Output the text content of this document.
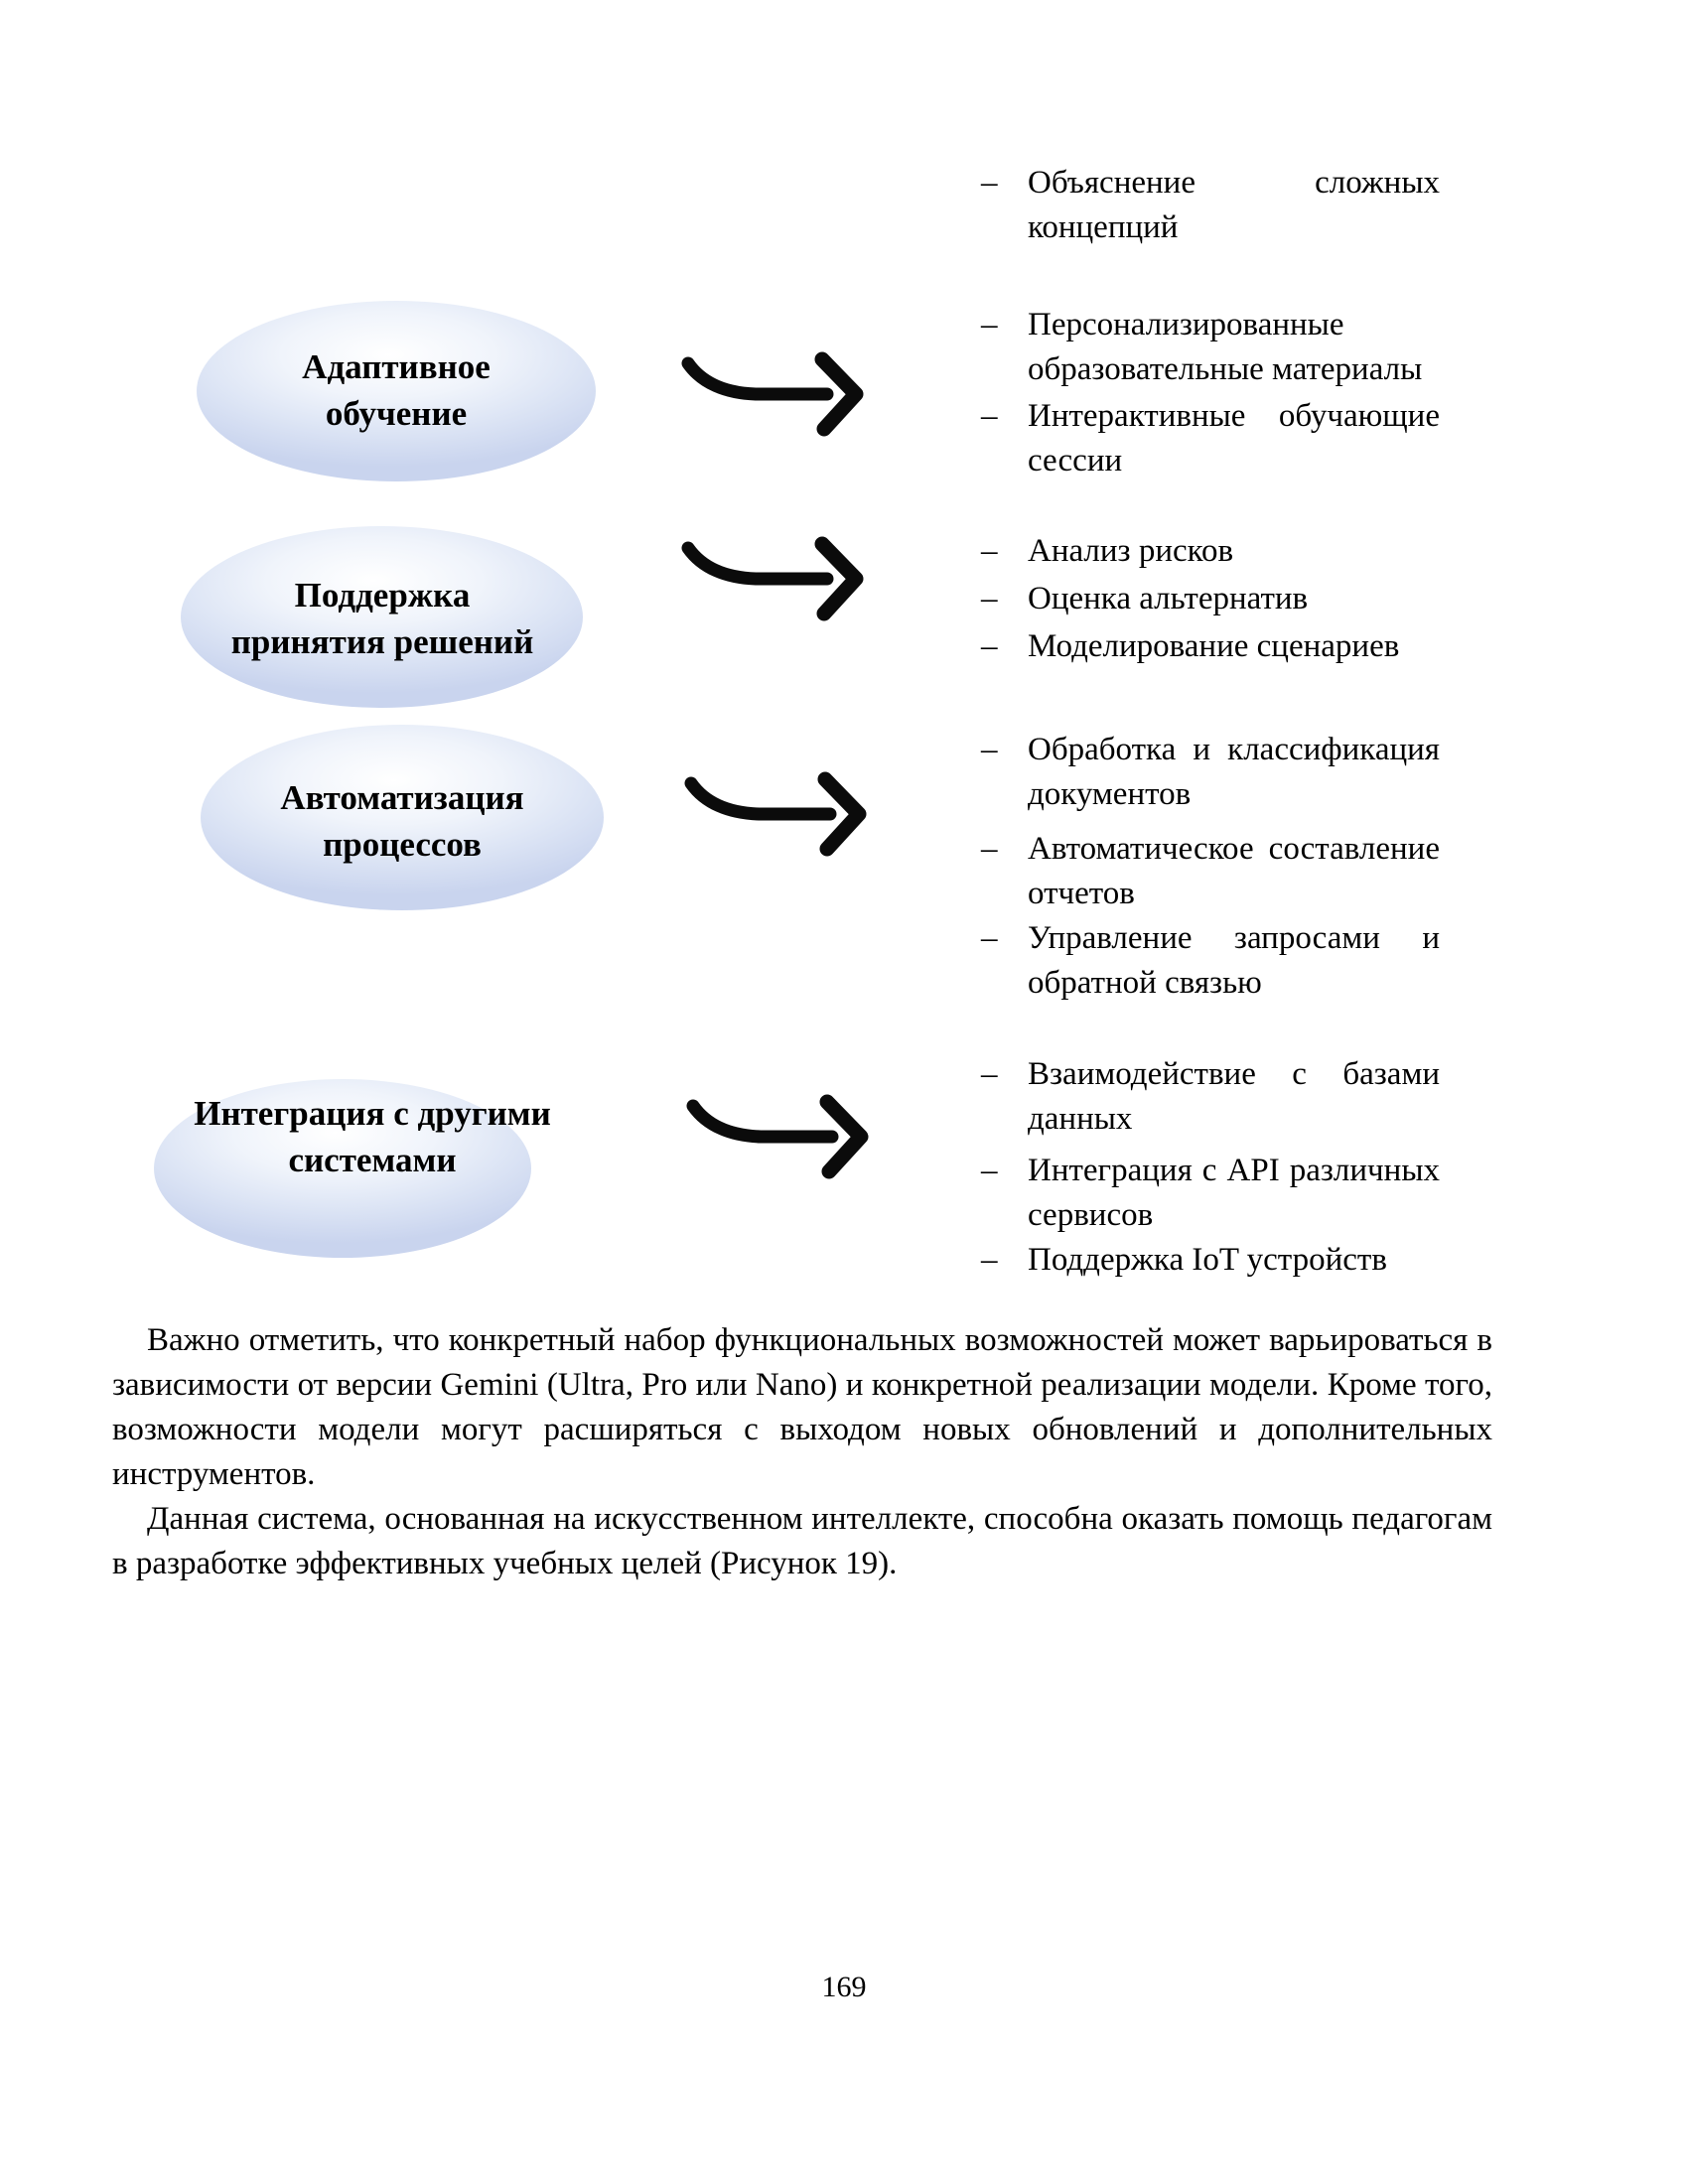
Адаптивное обучение
Поддержка принятия решений
Автоматизация процессов
Интеграция с другими системами
– Объяснение сложных концепций
– Персонализированные образовательные материалы
– Интерактивные обучающие сессии
– Анализ рисков
– Оценка альтернатив
– Моделирование сценариев
– Обработка и классификация документов
– Автоматическое составление отчетов
– Управление запросами и обратной связью
– Взаимодействие с базами данных
– Интеграция с API различных сервисов
– Поддержка IoT устройств

Важно отметить, что конкретный набор функциональных возможностей может варьироваться в зависимости от версии Gemini (Ultra, Pro или Nano) и конкретной реализации модели. Кроме того, возможности модели могут расширяться с выходом новых обновлений и дополнительных инструментов.

Данная система, основанная на искусственном интеллекте, способна оказать помощь педагогам в разработке эффективных учебных целей (Рисунок 19).

169
